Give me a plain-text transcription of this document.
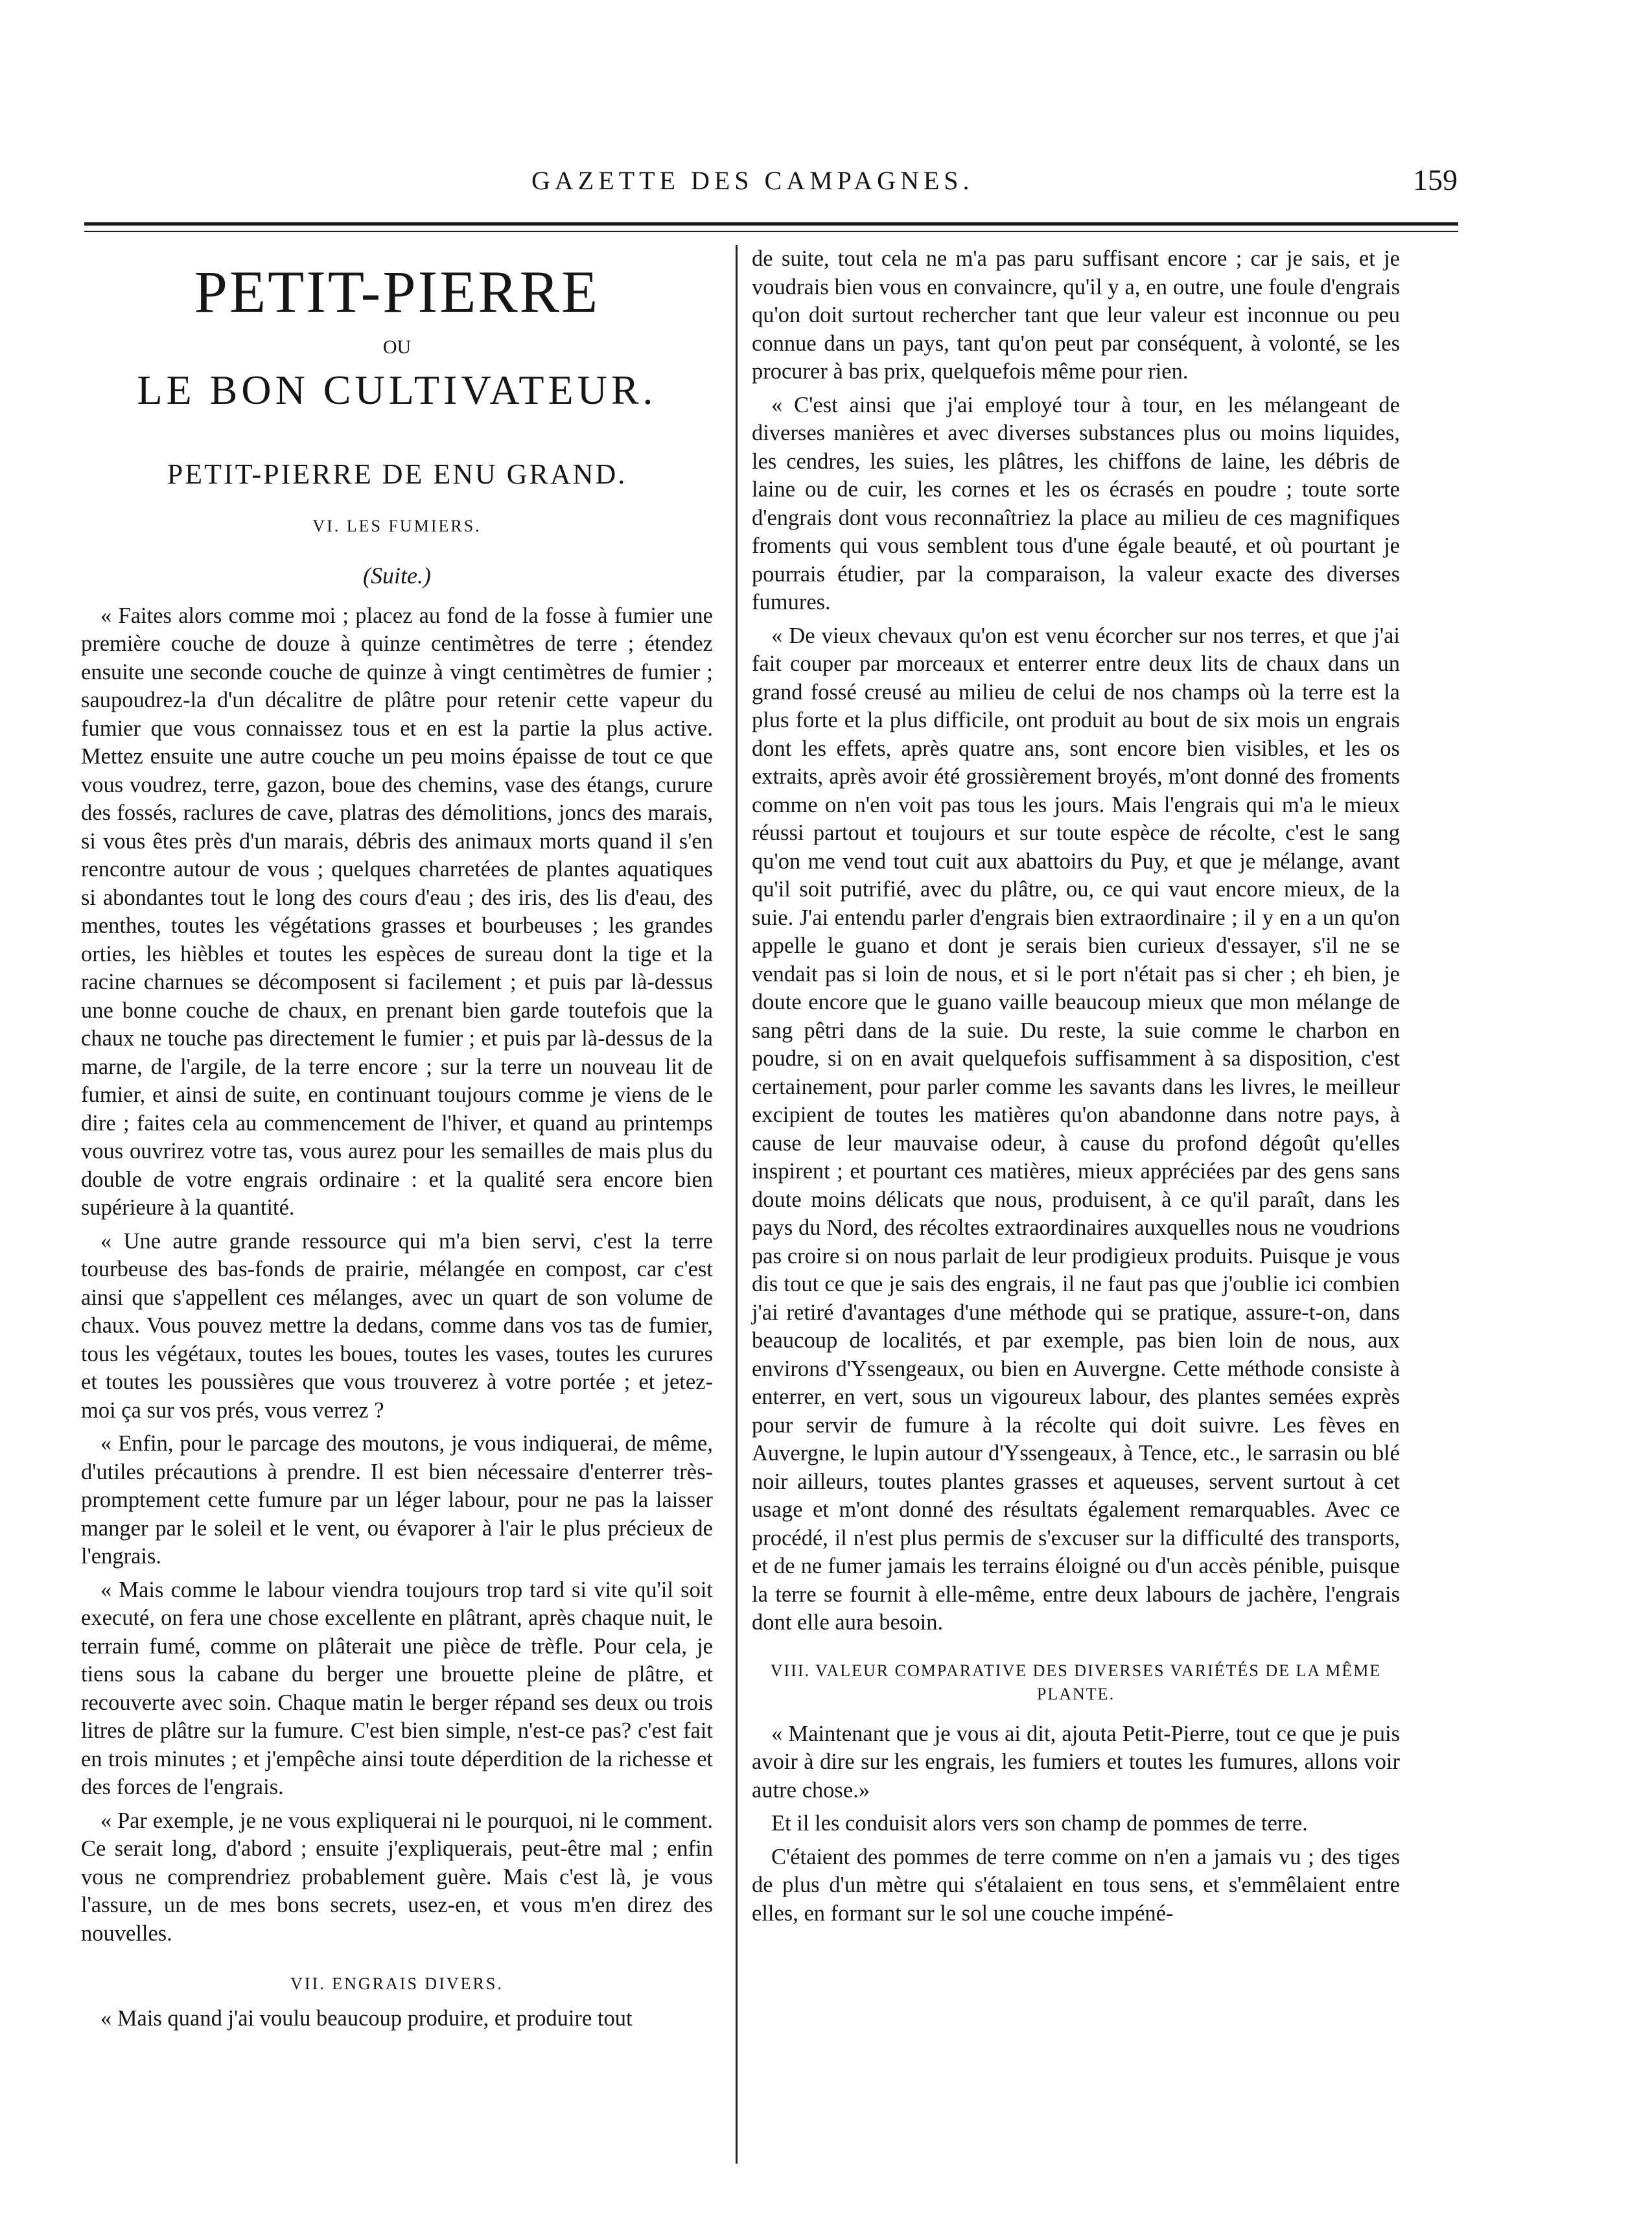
GAZETTE DES CAMPAGNES.	159
PETIT-PIERRE
OU
LE BON CULTIVATEUR.
PETIT-PIERRE DE ENU GRAND.
VI. LES FUMIERS.
(Suite.)

« Faites alors comme moi ; placez au fond de la fosse à fumier une première couche de douze à quinze centimètres de terre ; étendez ensuite une seconde couche de quinze à vingt centimètres de fumier ; saupoudrez-la d'un décalitre de plâtre pour retenir cette vapeur du fumier que vous connaissez tous et en est la partie la plus active. Mettez ensuite une autre couche un peu moins épaisse de tout ce que vous voudrez, terre, gazon, boue des chemins, vase des étangs, curure des fossés, raclures de cave, platras des démolitions, joncs des marais, si vous êtes près d'un marais, débris des animaux morts quand il s'en rencontre autour de vous ; quelques charretées de plantes aquatiques si abondantes tout le long des cours d'eau ; des iris, des lis d'eau, des menthes, toutes les végétations grasses et bourbeuses ; les grandes orties, les hièbles et toutes les espèces de sureau dont la tige et la racine charnues se décomposent si facilement ; et puis par là-dessus une bonne couche de chaux, en prenant bien garde toutefois que la chaux ne touche pas directement le fumier ; et puis par là-dessus de la marne, de l'argile, de la terre encore ; sur la terre un nouveau lit de fumier, et ainsi de suite, en continuant toujours comme je viens de le dire ; faites cela au commencement de l'hiver, et quand au printemps vous ouvrirez votre tas, vous aurez pour les semailles de mais plus du double de votre engrais ordinaire : et la qualité sera encore bien supérieure à la quantité.

« Une autre grande ressource qui m'a bien servi, c'est la terre tourbeuse des bas-fonds de prairie, mélangée en compost, car c'est ainsi que s'appellent ces mélanges, avec un quart de son volume de chaux. Vous pouvez mettre la dedans, comme dans vos tas de fumier, tous les végétaux, toutes les boues, toutes les vases, toutes les curures et toutes les poussières que vous trouverez à votre portée ; et jetez-moi ça sur vos prés, vous verrez ?

« Enfin, pour le parcage des moutons, je vous indiquerai, de même, d'utiles précautions à prendre. Il est bien nécessaire d'enterrer très-promptement cette fumure par un léger labour, pour ne pas la laisser manger par le soleil et le vent, ou évaporer à l'air le plus précieux de l'engrais.

« Mais comme le labour viendra toujours trop tard si vite qu'il soit executé, on fera une chose excellente en plâtrant, après chaque nuit, le terrain fumé, comme on plâterait une pièce de trèfle. Pour cela, je tiens sous la cabane du berger une brouette pleine de plâtre, et recouverte avec soin. Chaque matin le berger répand ses deux ou trois litres de plâtre sur la fumure. C'est bien simple, n'est-ce pas? c'est fait en trois minutes ; et j'empêche ainsi toute déperdition de la richesse et des forces de l'engrais.

« Par exemple, je ne vous expliquerai ni le pourquoi, ni le comment. Ce serait long, d'abord ; ensuite j'expliquerais, peut-être mal ; enfin vous ne comprendriez probablement guère. Mais c'est là, je vous l'assure, un de mes bons secrets, usez-en, et vous m'en direz des nouvelles.

VII. ENGRAIS DIVERS.

« Mais quand j'ai voulu beaucoup produire, et produire tout

de suite, tout cela ne m'a pas paru suffisant encore ; car je sais, et je voudrais bien vous en convaincre, qu'il y a, en outre, une foule d'engrais qu'on doit surtout rechercher tant que leur valeur est inconnue ou peu connue dans un pays, tant qu'on peut par conséquent, à volonté, se les procurer à bas prix, quelquefois même pour rien.

« C'est ainsi que j'ai employé tour à tour, en les mélangeant de diverses manières et avec diverses substances plus ou moins liquides, les cendres, les suies, les plâtres, les chiffons de laine, les débris de laine ou de cuir, les cornes et les os écrasés en poudre ; toute sorte d'engrais dont vous reconnaîtriez la place au milieu de ces magnifiques froments qui vous semblent tous d'une égale beauté, et où pourtant je pourrais étudier, par la comparaison, la valeur exacte des diverses fumures.

« De vieux chevaux qu'on est venu écorcher sur nos terres, et que j'ai fait couper par morceaux et enterrer entre deux lits de chaux dans un grand fossé creusé au milieu de celui de nos champs où la terre est la plus forte et la plus difficile, ont produit au bout de six mois un engrais dont les effets, après quatre ans, sont encore bien visibles, et les os extraits, après avoir été grossièrement broyés, m'ont donné des froments comme on n'en voit pas tous les jours. Mais l'engrais qui m'a le mieux réussi partout et toujours et sur toute espèce de récolte, c'est le sang qu'on me vend tout cuit aux abattoirs du Puy, et que je mélange, avant qu'il soit putrifié, avec du plâtre, ou, ce qui vaut encore mieux, de la suie. J'ai entendu parler d'engrais bien extraordinaire ; il y en a un qu'on appelle le guano et dont je serais bien curieux d'essayer, s'il ne se vendait pas si loin de nous, et si le port n'était pas si cher ; eh bien, je doute encore que le guano vaille beaucoup mieux que mon mélange de sang pêtri dans de la suie. Du reste, la suie comme le charbon en poudre, si on en avait quelquefois suffisamment à sa disposition, c'est certainement, pour parler comme les savants dans les livres, le meilleur excipient de toutes les matières qu'on abandonne dans notre pays, à cause de leur mauvaise odeur, à cause du profond dégoût qu'elles inspirent ; et pourtant ces matières, mieux appréciées par des gens sans doute moins délicats que nous, produisent, à ce qu'il paraît, dans les pays du Nord, des récoltes extraordinaires auxquelles nous ne voudrions pas croire si on nous parlait de leur prodigieux produits. Puisque je vous dis tout ce que je sais des engrais, il ne faut pas que j'oublie ici combien j'ai retiré d'avantages d'une méthode qui se pratique, assure-t-on, dans beaucoup de localités, et par exemple, pas bien loin de nous, aux environs d'Yssengeaux, ou bien en Auvergne. Cette méthode consiste à enterrer, en vert, sous un vigoureux labour, des plantes semées exprès pour servir de fumure à la récolte qui doit suivre. Les fèves en Auvergne, le lupin autour d'Yssengeaux, à Tence, etc., le sarrasin ou blé noir ailleurs, toutes plantes grasses et aqueuses, servent surtout à cet usage et m'ont donné des résultats également remarquables. Avec ce procédé, il n'est plus permis de s'excuser sur la difficulté des transports, et de ne fumer jamais les terrains éloigné ou d'un accès pénible, puisque la terre se fournit à elle-même, entre deux labours de jachère, l'engrais dont elle aura besoin.

VIII. VALEUR COMPARATIVE DES DIVERSES VARIÉTÉS DE LA MÊME PLANTE.

« Maintenant que je vous ai dit, ajouta Petit-Pierre, tout ce que je puis avoir à dire sur les engrais, les fumiers et toutes les fumures, allons voir autre chose.»

Et il les conduisit alors vers son champ de pommes de terre.

C'étaient des pommes de terre comme on n'en a jamais vu ; des tiges de plus d'un mètre qui s'étalaient en tous sens, et s'emmêlaient entre elles, en formant sur le sol une couche impéné-
